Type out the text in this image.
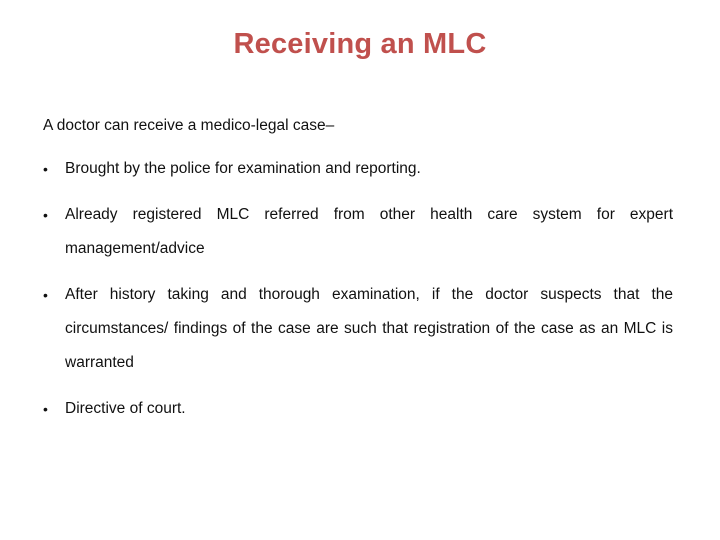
Receiving an MLC
A doctor can receive a medico-legal case–
•	Brought by the police for examination and reporting.
•	Already registered MLC referred from other health care system for expert management/advice
•	After history taking and thorough examination, if the doctor suspects that the circumstances/ findings of the case are such that registration of the case as an MLC is warranted
•	Directive of court.
